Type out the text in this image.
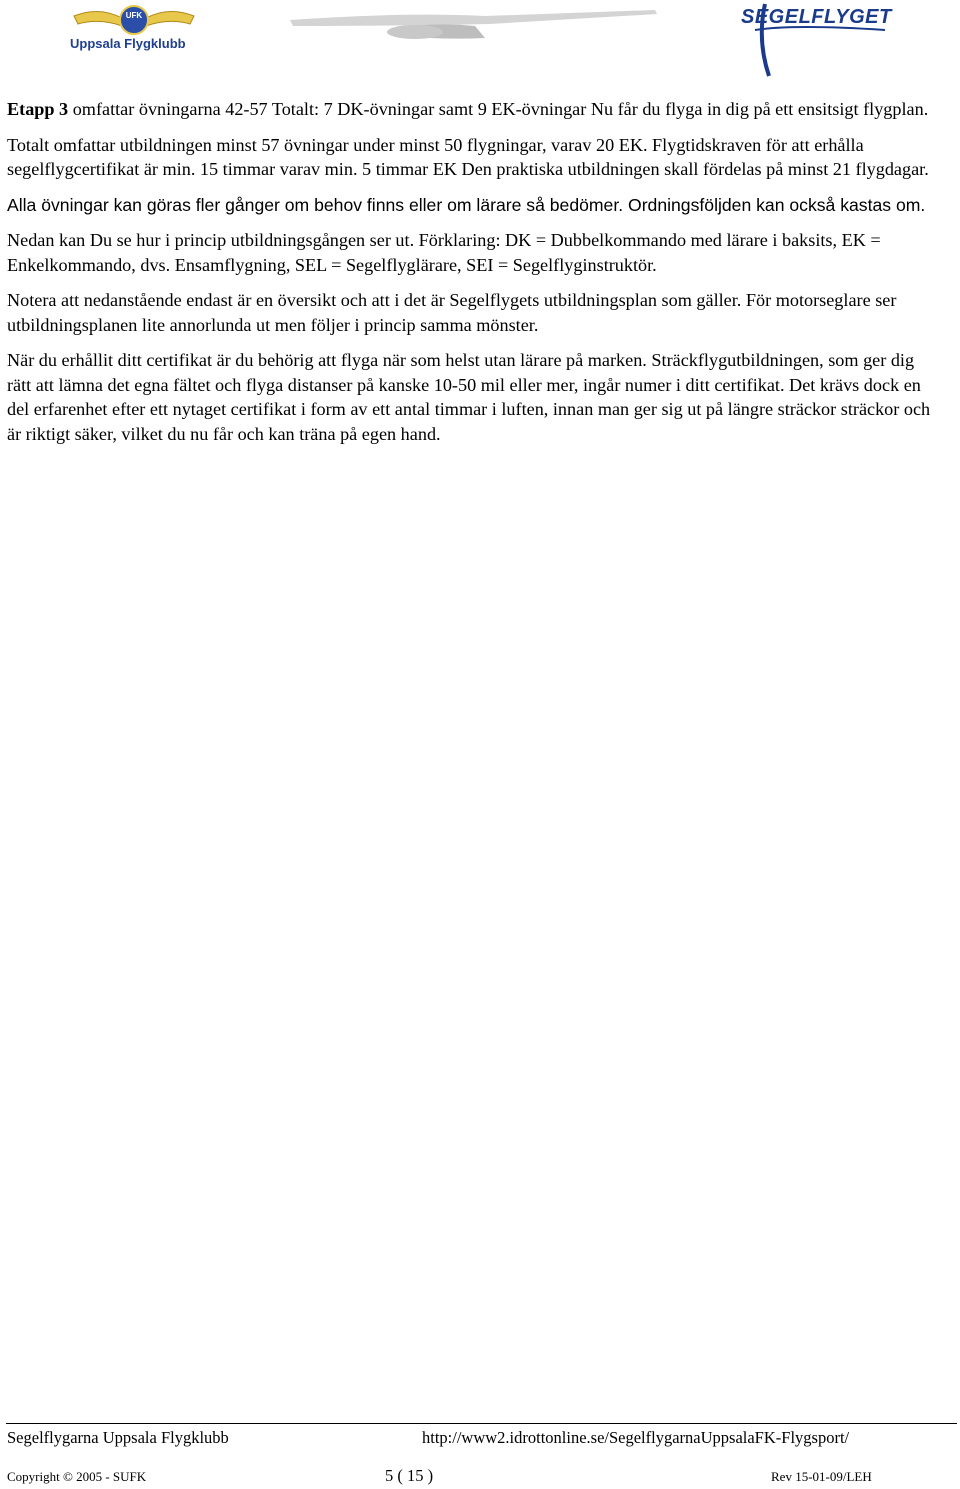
UFK
Uppsala Flygklubb
SEGELFLYGET

Etapp 3 omfattar övningarna 42-57 Totalt: 7 DK-övningar samt 9 EK-övningar Nu får du flyga in dig på ett ensitsigt flygplan.

Totalt omfattar utbildningen minst 57 övningar under minst 50 flygningar, varav 20 EK. Flygtidskraven för att erhålla segelflygcertifikat är min. 15 timmar varav min. 5 timmar EK Den praktiska utbildningen skall fördelas på minst 21 flygdagar.

Alla övningar kan göras fler gånger om behov finns eller om lärare så bedömer. Ordningsföljden kan också kastas om.

Nedan kan Du se hur i princip utbildningsgången ser ut. Förklaring: DK = Dubbelkommando med lärare i baksits, EK = Enkelkommando, dvs. Ensamflygning, SEL = Segelflyglärare, SEI = Segelflyginstruktör.

Notera att nedanstående endast är en översikt och att i det är Segelflygets utbildningsplan som gäller. För motorseglare ser utbildningsplanen lite annorlunda ut men följer i princip samma mönster.

När du erhållit ditt certifikat är du behörig att flyga när som helst utan lärare på marken. Sträckflygutbildningen, som ger dig rätt att lämna det egna fältet och flyga distanser på kanske 10-50 mil eller mer, ingår numer i ditt certifikat. Det krävs dock en del erfarenhet efter ett nytaget certifikat i form av ett antal timmar i luften, innan man ger sig ut på längre sträckor sträckor och är riktigt säker, vilket du nu får och kan träna på egen hand.

Segelflygarna Uppsala Flygklubb	http://www2.idrottonline.se/SegelflygarnaUppsalaFK-Flygsport/
Copyright © 2005 - SUFK	5 ( 15 )	Rev 15-01-09/LEH
